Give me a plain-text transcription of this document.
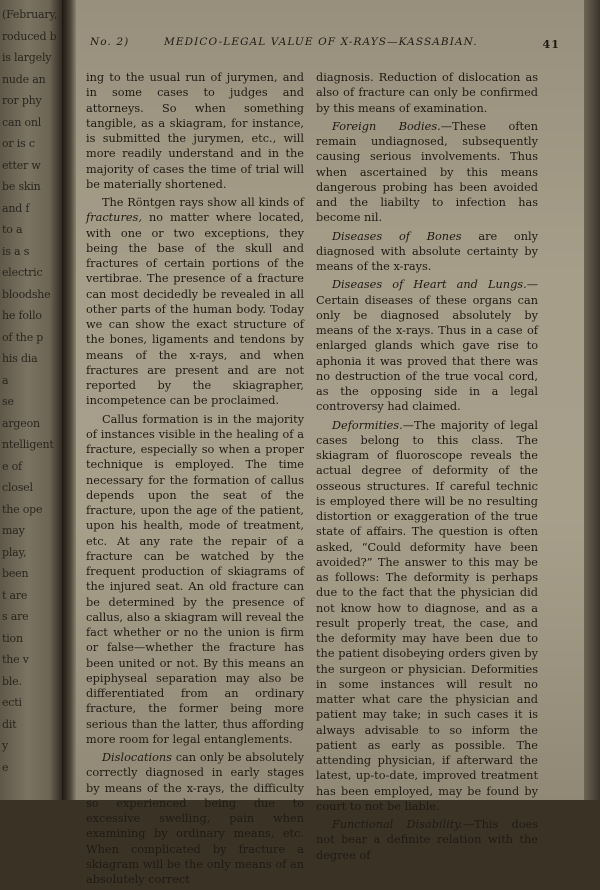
(February,
roduced b
is largely
nude an
ror phy
can onl
or is c
etter w
be skin
and f
to a
is a s
electric
bloodshe
he follo
of the p
his dia
a
se
argeon
ntelligent
e of
closel
the ope
may
play,
been
t are
s are
tion
the v
ble.
ecti
dit
y
e
No. 2)	MEDICO-LEGAL VALUE OF X-RAYS—KASSABIAN.	41

ing to the usual run of jurymen, and in some cases to judges and attorneys. So when something tangible, as a skiagram, for instance, is submitted the jurymen, etc., will more readily understand and in the majority of cases the time of trial will be materially shortened.

The Röntgen rays show all kinds of fractures, no matter where located, with one or two exceptions, they being the base of the skull and fractures of certain portions of the vertibrae. The presence of a fracture can most decidedly be revealed in all other parts of the human body. Today we can show the exact structure of the bones, ligaments and tendons by means of the x-rays, and when fractures are present and are not reported by the skiagrapher, incompetence can be proclaimed.

Callus formation is in the majority of instances visible in the healing of a fracture, especially so when a proper technique is employed. The time necessary for the formation of callus depends upon the seat of the fracture, upon the age of the patient, upon his health, mode of treatment, etc. At any rate the repair of a fracture can be watched by the frequent production of skiagrams of the injured seat. An old fracture can be determined by the presence of callus, also a skiagram will reveal the fact whether or no the union is firm or false—whether the fracture has been united or not. By this means an epiphyseal separation may also be differentiated from an ordinary fracture, the former being more serious than the latter, thus affording more room for legal entanglements.

Dislocations can only be absolutely correctly diagnosed in early stages by means of the x-rays, the difficulty so experienced being due to excessive swelling, pain when examining by ordinary means, etc. When complicated by fracture a skiagram will be the only means of an absolutely correct

diagnosis. Reduction of dislocation as also of fracture can only be confirmed by this means of examination.

Foreign Bodies.—These often remain undiagnosed, subsequently causing serious involvements. Thus when ascertained by this means dangerous probing has been avoided and the liabilty to infection has become nil.

Diseases of Bones are only diagnosed with absolute certainty by means of the x-rays.

Diseases of Heart and Lungs.—Certain diseases of these organs can only be diagnosed absolutely by means of the x-rays. Thus in a case of enlarged glands which gave rise to aphonia it was proved that there was no destruction of the true vocal cord, as the opposing side in a legal controversy had claimed.

Deformities.—The majority of legal cases belong to this class. The skiagram of fluoroscope reveals the actual degree of deformity of the osseous structures. If careful technic is employed there will be no resulting distortion or exaggeration of the true state of affairs. The question is often asked, “Could deformity have been avoided?” The answer to this may be as follows: The deformity is perhaps due to the fact that the physician did not know how to diagnose, and as a result properly treat, the case, and the deformity may have been due to the patient disobeying orders given by the surgeon or physician. Deformities in some instances will result no matter what care the physician and patient may take; in such cases it is always advisable to so inform the patient as early as possible. The attending physician, if afterward the latest, up-to-date, improved treatment has been employed, may be found by court to not be liable.

Functional Disability.—This does not bear a definite relation with the degree of
